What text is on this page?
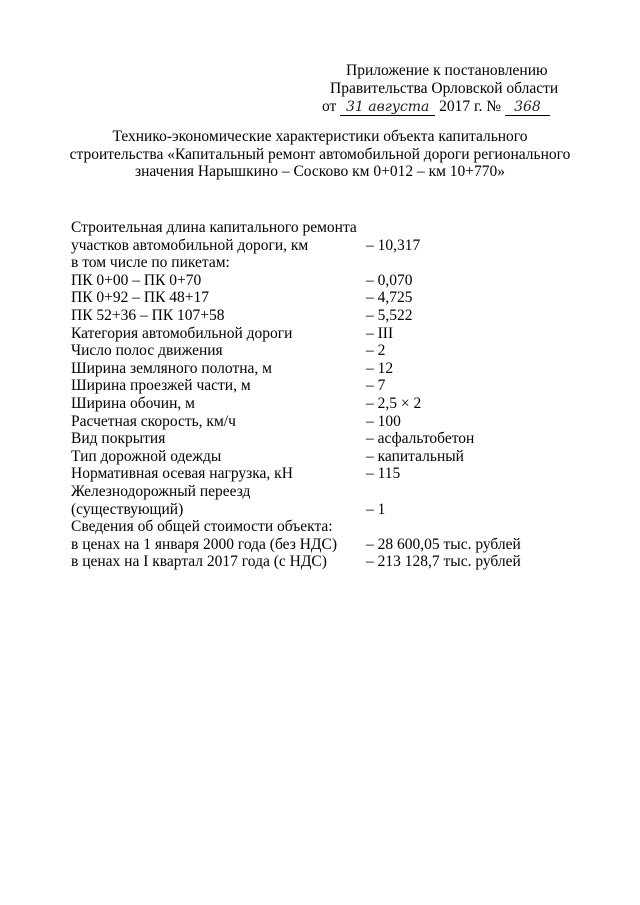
Приложение к постановлению
Правительства Орловской области
от 31 августа 2017 г. № 368
Технико-экономические характеристики объекта капитального
строительства «Капитальный ремонт автомобильной дороги регионального
значения Нарышкино – Сосково км 0+012 – км 10+770»
Строительная длина капитального ремонта
участков автомобильной дороги, км	– 10,317
в том числе по пикетам:
ПК 0+00 – ПК 0+70	– 0,070
ПК 0+92 – ПК 48+17	– 4,725
ПК 52+36 – ПК 107+58	– 5,522
Категория автомобильной дороги	– III
Число полос движения	– 2
Ширина земляного полотна, м	– 12
Ширина проезжей части, м	– 7
Ширина обочин, м	– 2,5 × 2
Расчетная скорость, км/ч	– 100
Вид покрытия	– асфальтобетон
Тип дорожной одежды	– капитальный
Нормативная осевая нагрузка, кН	– 115
Железнодорожный переезд
(существующий)	– 1
Сведения об общей стоимости объекта:
в ценах на 1 января 2000 года (без НДС) – 28 600,05 тыс. рублей
в ценах на I квартал 2017 года (с НДС)	– 213 128,7 тыс. рублей
